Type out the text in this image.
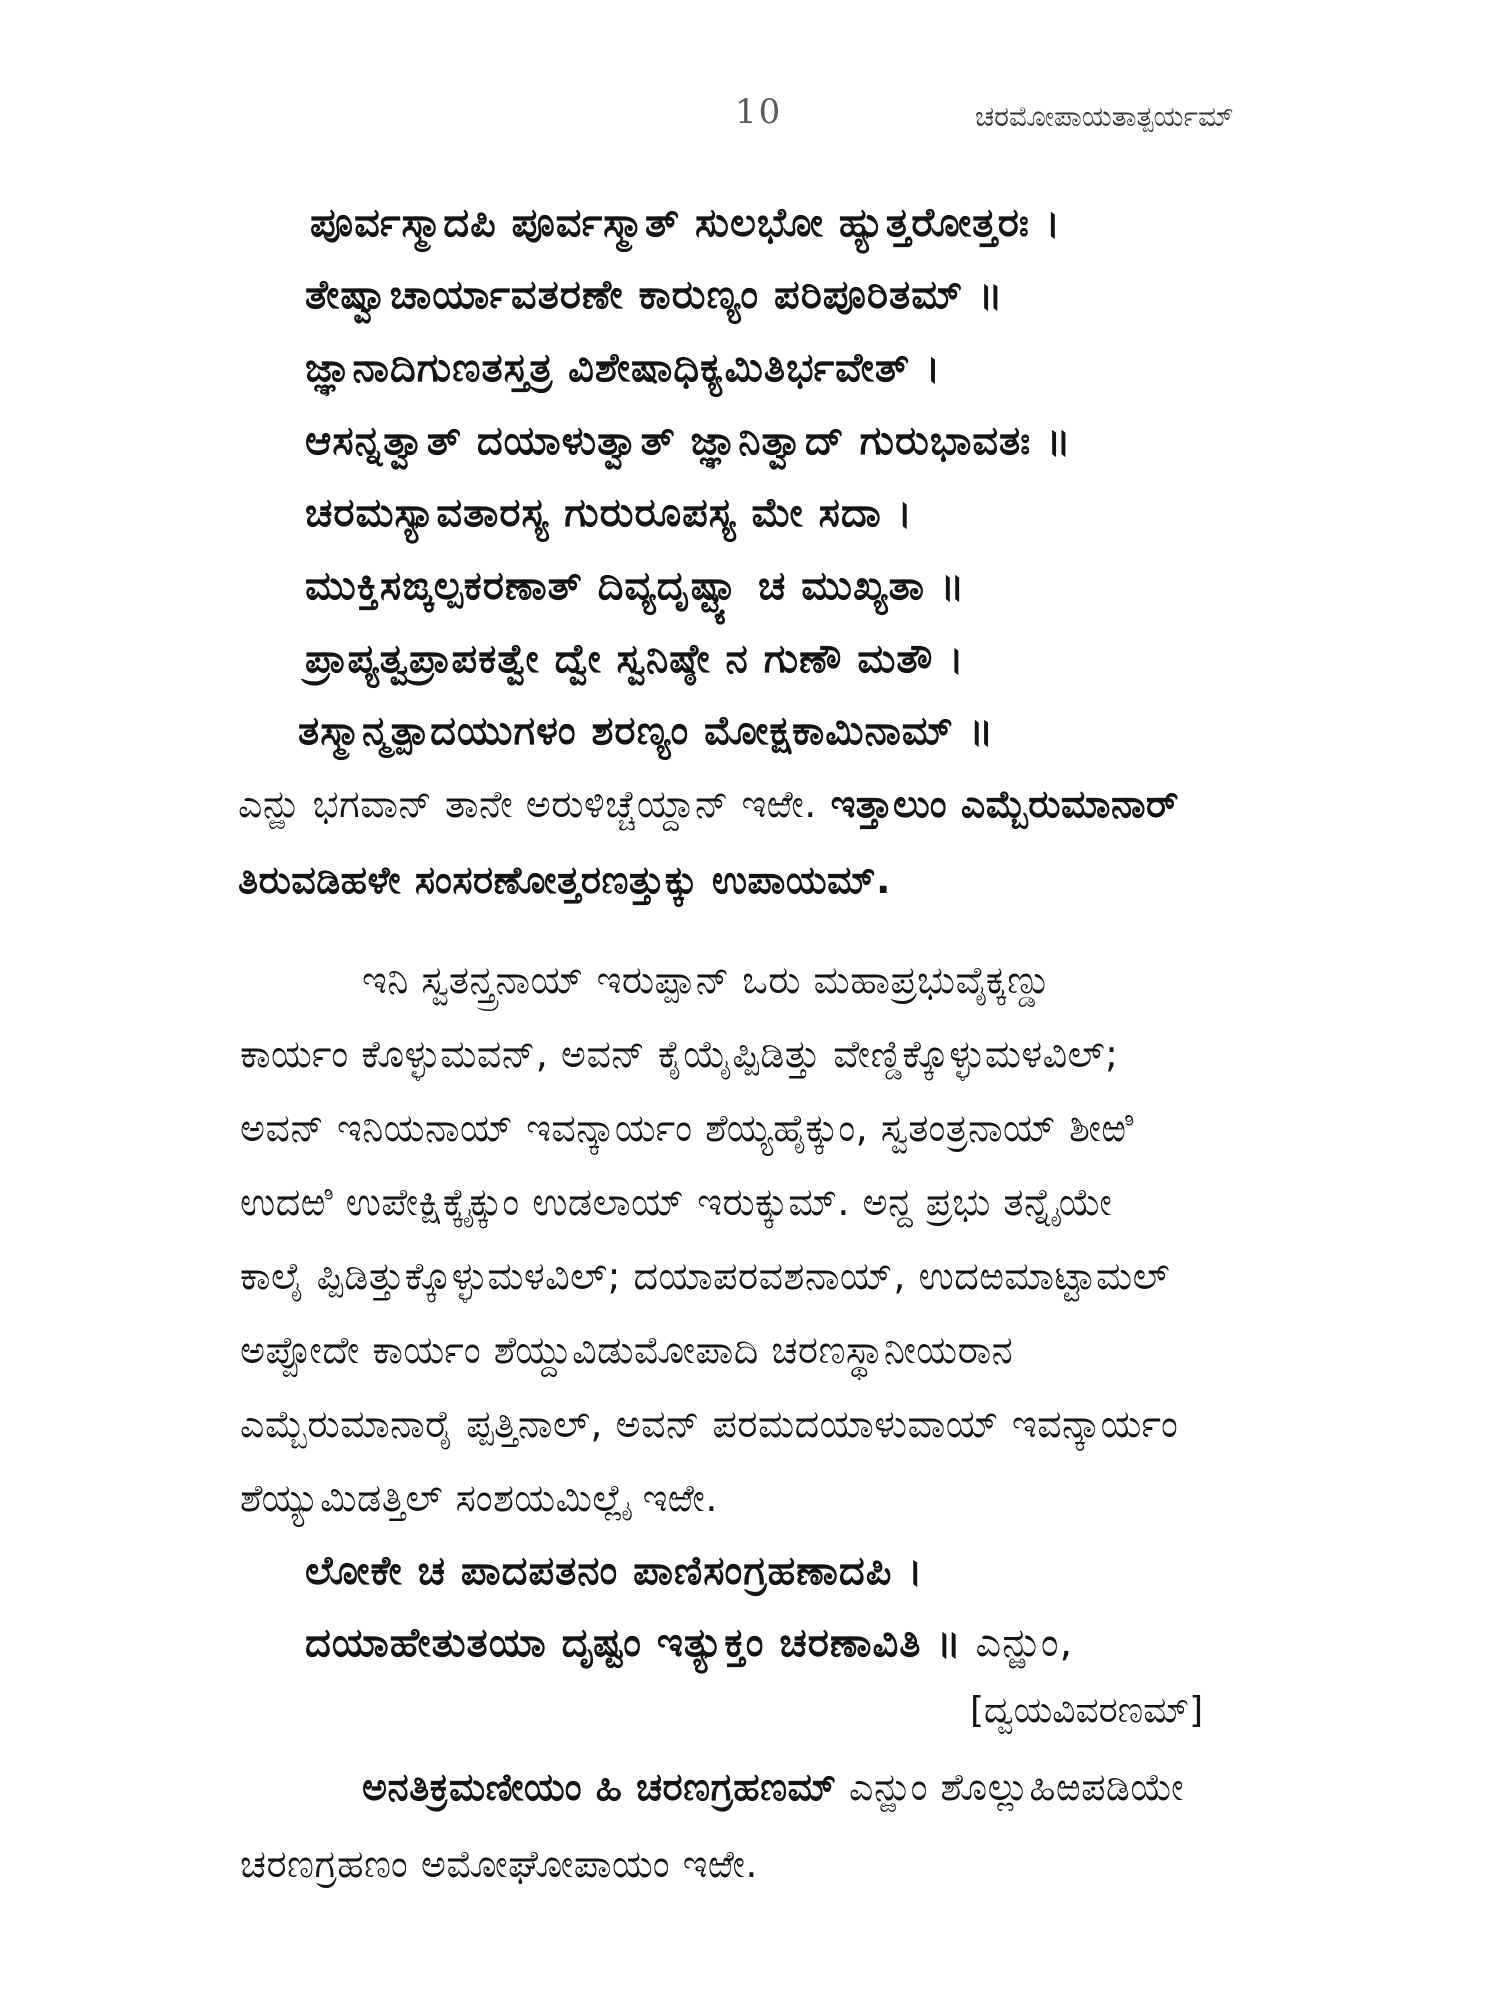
10	ಚರಮೋಪಾಯತಾತ್ಪರ್ಯಮ್
ಪೂರ್ವಸ್ಮಾದಪಿ ಪೂರ್ವಸ್ಮಾತ್ ಸುಲಭೋ ಹ್ಯುತ್ತರೋತ್ತರಃ ।
ತೇಷ್ವಾಚಾರ್ಯಾವತರಣೇ ಕಾರುಣ್ಯಂ ಪರಿಪೂರಿತಮ್ ॥
ಜ್ಞಾನಾದಿಗುಣತಸ್ತತ್ರ ವಿಶೇಷಾಧಿಕ್ಯಮಿತಿರ್ಭವೇತ್ ।
ಆಸನ್ನತ್ವಾತ್ ದಯಾಳುತ್ವಾತ್ ಜ್ಞಾನಿತ್ವಾದ್ ಗುರುಭಾವತಃ ॥
ಚರಮಸ್ಯಾವತಾರಸ್ಯ ಗುರುರೂಪಸ್ಯ ಮೇ ಸದಾ ।
ಮುಕ್ತಿಸಙ್ಕಲ್ಪಕರಣಾತ್ ದಿವ್ಯದೃಷ್ಟ್ಯಾ ಚ ಮುಖ್ಯತಾ ॥
ಪ್ರಾಪ್ಯತ್ವಪ್ರಾಪಕತ್ವೇ ದ್ವೇ ಸ್ವನಿಷ್ಠೇ ನ ಗುಣೌ ಮತೌ ।
ತಸ್ಮಾನ್ಮತ್ಪಾದಯುಗಳಂ ಶರಣ್ಯಂ ಮೋಕ್ಷಕಾಮಿನಾಮ್ ॥
ಎನ್ಱು ಭಗವಾನ್ ತಾನೇ ಅರುಳಿಚ್ಚೆಯ್ದಾನ್ ಇಱೇ. ಇತ್ತಾಲುಂ ಎಮ್ಬೆರುಮಾನಾರ್
ತಿರುವಡಿಹಳೇ ಸಂಸರಣೋತ್ತರಣತ್ತುಕ್ಕು ಉಪಾಯಮ್.
ಇನಿ ಸ್ವತನ್ತ್ರನಾಯ್ ಇರುಪ್ಪಾನ್ ಒರು ಮಹಾಪ್ರಭುವೈಕ್ಕಣ್ಡು
ಕಾರ್ಯಂ ಕೊಳ್ಳುಮವನ್, ಅವನ್ ಕೈಯೈಪ್ಪಿಡಿತ್ತು ವೇಣ್ಡಿಕ್ಕೊಳ್ಳುಮಳವಿಲ್;
ಅವನ್ ಇನಿಯನಾಯ್ ಇವನ್ಕಾರ್ಯಂ ಶೆಯ್ಯಹೈಕ್ಕುಂ, ಸ್ವತಂತ್ರನಾಯ್ ಶೀಱಿ
ಉದಱಿ ಉಪೇಕ್ಷಿಕ್ಕೈಕ್ಕುಂ ಉಡಲಾಯ್ ಇರುಕ್ಕುಮ್. ಅನ್ದ ಪ್ರಭು ತನ್ನೈಯೇ
ಕಾಲೈ ಪ್ಪಿಡಿತ್ತುಕ್ಕೊಳ್ಳುಮಳವಿಲ್; ದಯಾಪರವಶನಾಯ್, ಉದಱಮಾಟ್ಟಾಮಲ್
ಅಪ್ಪೋದೇ ಕಾರ್ಯಂ ಶೆಯ್ದುವಿಡುಮೋಪಾದಿ ಚರಣಸ್ಥಾನೀಯರಾನ
ಎಮ್ಬೆರುಮಾನಾರೈ ಪ್ಪತ್ತಿನಾಲ್, ಅವನ್ ಪರಮದಯಾಳುವಾಯ್ ಇವನ್ಕಾರ್ಯಂ
ಶೆಯ್ಯುಮಿಡತ್ತಿಲ್ ಸಂಶಯಮಿಲ್ಲೈ ಇಱೇ.
ಲೋಕೇ ಚ ಪಾದಪತನಂ ಪಾಣಿಸಂಗ್ರಹಣಾದಪಿ ।
ದಯಾಹೇತುತಯಾ ದೃಷ್ಟಂ ಇತ್ಯುಕ್ತಂ ಚರಣಾವಿತಿ ॥ ಎನ್ಱುಂ,
[ದ್ವಯವಿವರಣಮ್]
ಅನತಿಕ್ರಮಣೀಯಂ ಹಿ ಚರಣಗ್ರಹಣಮ್ ಎನ್ಱುಂ ಶೊಲ್ಲುಹಿಱಪಡಿಯೇ
ಚರಣಗ್ರಹಣಂ ಅಮೋಘೋಪಾಯಂ ಇಱೇ.
